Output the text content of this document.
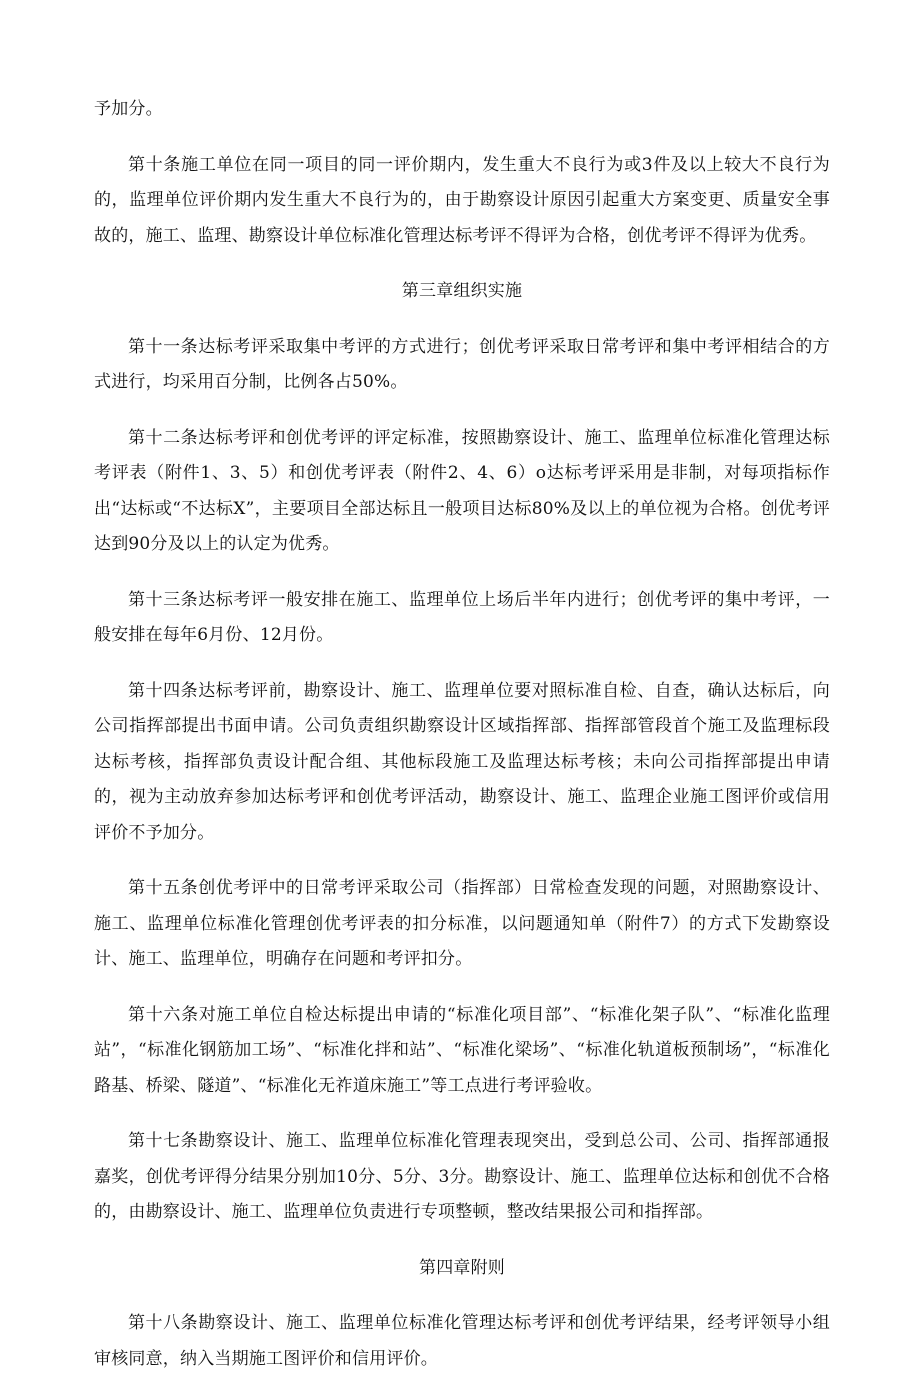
予加分。

第十条施工单位在同一项目的同一评价期内，发生重大不良行为或3件及以上较大不良行为的，监理单位评价期内发生重大不良行为的，由于勘察设计原因引起重大方案变更、质量安全事故的，施工、监理、勘察设计单位标准化管理达标考评不得评为合格，创优考评不得评为优秀。

第三章组织实施

第十一条达标考评采取集中考评的方式进行；创优考评采取日常考评和集中考评相结合的方式进行，均采用百分制，比例各占50%。

第十二条达标考评和创优考评的评定标准，按照勘察设计、施工、监理单位标准化管理达标考评表（附件1、3、5）和创优考评表（附件2、4、6）o达标考评采用是非制，对每项指标作出“达标或“不达标X”，主要项目全部达标且一般项目达标80%及以上的单位视为合格。创优考评达到90分及以上的认定为优秀。

第十三条达标考评一般安排在施工、监理单位上场后半年内进行；创优考评的集中考评，一般安排在每年6月份、12月份。

第十四条达标考评前，勘察设计、施工、监理单位要对照标准自检、自查，确认达标后，向公司指挥部提出书面申请。公司负责组织勘察设计区域指挥部、指挥部管段首个施工及监理标段达标考核，指挥部负责设计配合组、其他标段施工及监理达标考核；未向公司指挥部提出申请的，视为主动放弃参加达标考评和创优考评活动，勘察设计、施工、监理企业施工图评价或信用评价不予加分。

第十五条创优考评中的日常考评采取公司（指挥部）日常检查发现的问题，对照勘察设计、施工、监理单位标准化管理创优考评表的扣分标准，以问题通知单（附件7）的方式下发勘察设计、施工、监理单位，明确存在问题和考评扣分。

第十六条对施工单位自检达标提出申请的“标准化项目部”、“标准化架子队”、“标准化监理站”，“标准化钢筋加工场”、“标准化拌和站”、“标准化梁场”、“标准化轨道板预制场”，“标准化路基、桥梁、隧道”、“标准化无祚道床施工”等工点进行考评验收。

第十七条勘察设计、施工、监理单位标准化管理表现突出，受到总公司、公司、指挥部通报嘉奖，创优考评得分结果分别加10分、5分、3分。勘察设计、施工、监理单位达标和创优不合格的，由勘察设计、施工、监理单位负责进行专项整顿，整改结果报公司和指挥部。

第四章附则

第十八条勘察设计、施工、监理单位标准化管理达标考评和创优考评结果，经考评领导小组审核同意，纳入当期施工图评价和信用评价。
